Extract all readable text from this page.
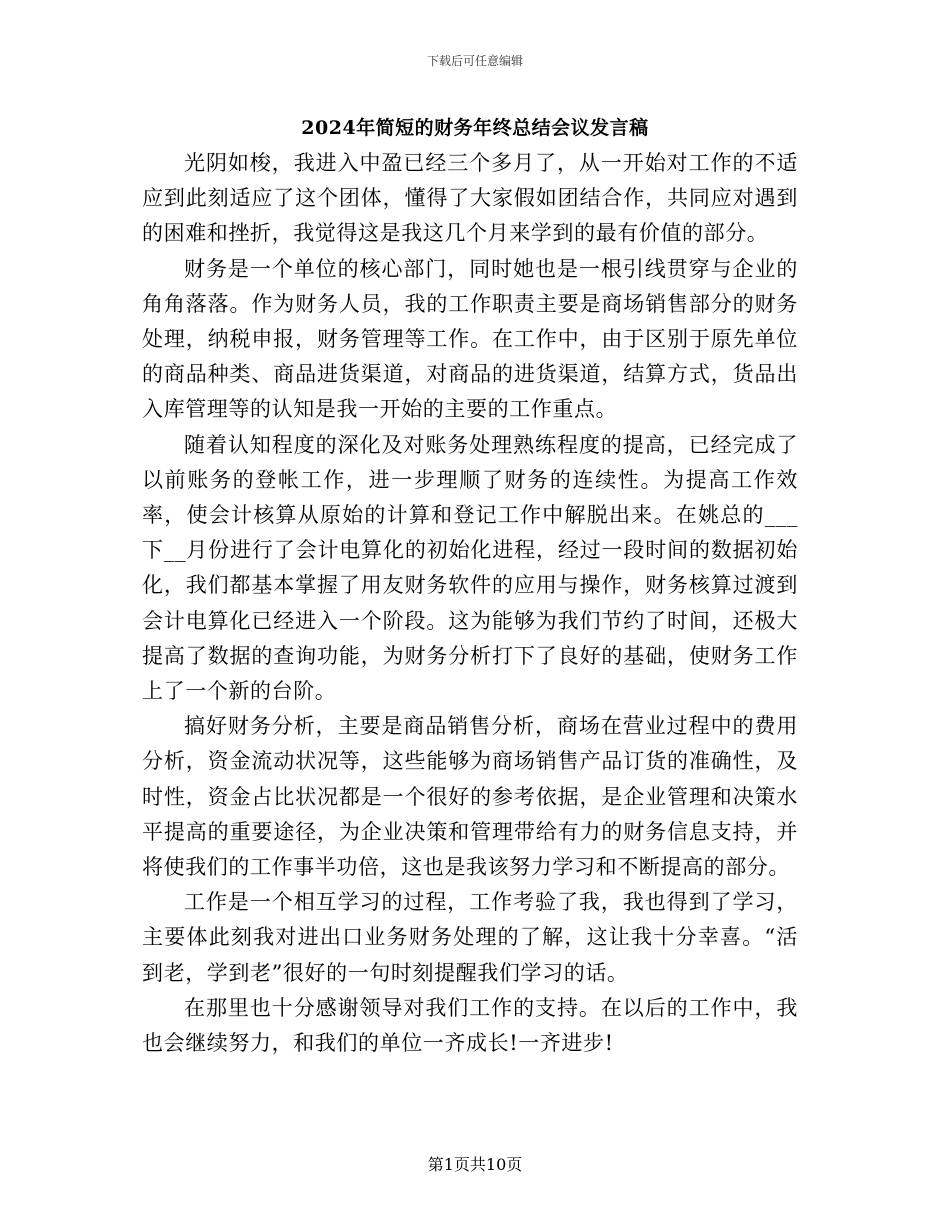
下载后可任意编辑
2024年简短的财务年终总结会议发言稿

光阴如梭，我进入中盈已经三个多月了，从一开始对工作的不适应到此刻适应了这个团体，懂得了大家假如团结合作，共同应对遇到的困难和挫折，我觉得这是我这几个月来学到的最有价值的部分。

财务是一个单位的核心部门，同时她也是一根引线贯穿与企业的角角落落。作为财务人员，我的工作职责主要是商场销售部分的财务处理，纳税申报，财务管理等工作。在工作中，由于区别于原先单位的商品种类、商品进货渠道，对商品的进货渠道，结算方式，货品出入库管理等的认知是我一开始的主要的工作重点。

随着认知程度的深化及对账务处理熟练程度的提高，已经完成了以前账务的登帐工作，进一步理顺了财务的连续性。为提高工作效率，使会计核算从原始的计算和登记工作中解脱出来。在姚总的___下__月份进行了会计电算化的初始化进程，经过一段时间的数据初始化，我们都基本掌握了用友财务软件的应用与操作，财务核算过渡到会计电算化已经进入一个阶段。这为能够为我们节约了时间，还极大提高了数据的查询功能，为财务分析打下了良好的基础，使财务工作上了一个新的台阶。

搞好财务分析，主要是商品销售分析，商场在营业过程中的费用分析，资金流动状况等，这些能够为商场销售产品订货的准确性，及时性，资金占比状况都是一个很好的参考依据，是企业管理和决策水平提高的重要途径，为企业决策和管理带给有力的财务信息支持，并将使我们的工作事半功倍，这也是我该努力学习和不断提高的部分。

工作是一个相互学习的过程，工作考验了我，我也得到了学习，主要体此刻我对进出口业务财务处理的了解，这让我十分幸喜。“活到老，学到老”很好的一句时刻提醒我们学习的话。

在那里也十分感谢领导对我们工作的支持。在以后的工作中，我也会继续努力，和我们的单位一齐成长!一齐进步!

第1页共10页
